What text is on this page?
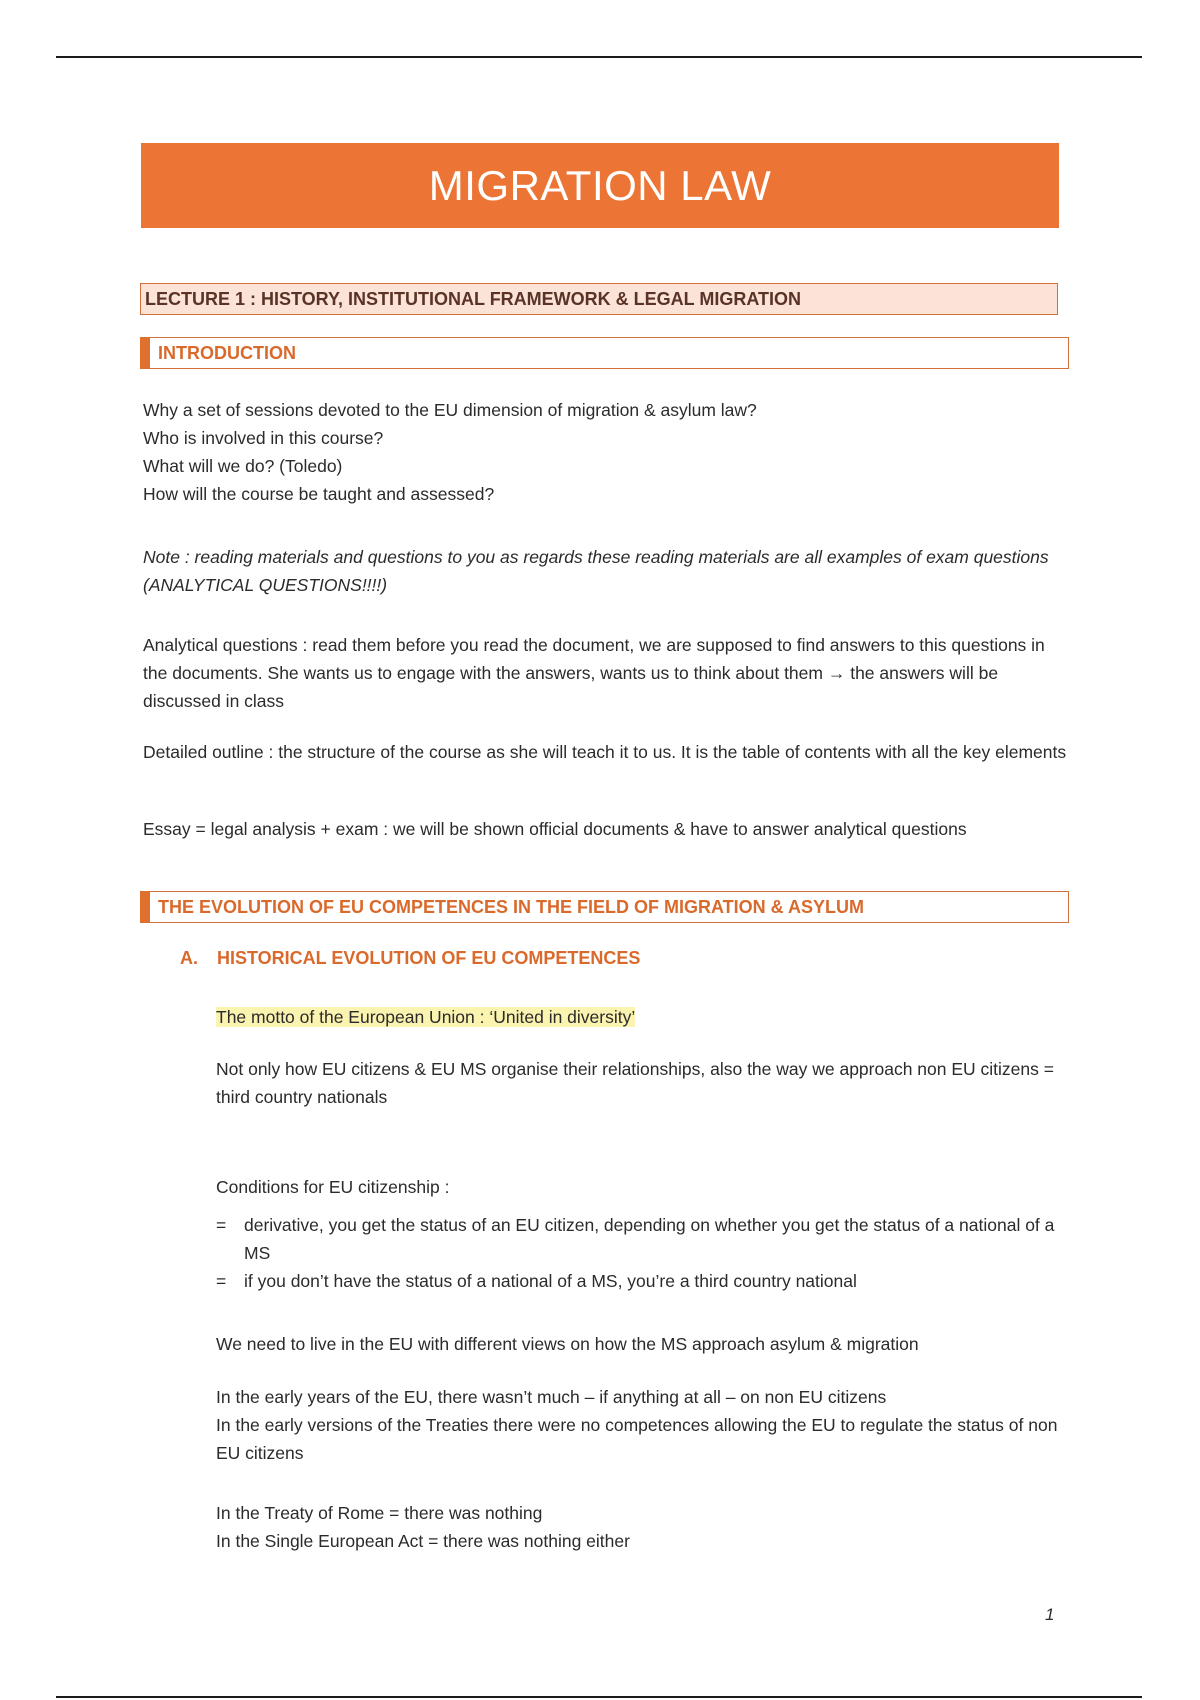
MIGRATION LAW
LECTURE 1 : HISTORY, INSTITUTIONAL FRAMEWORK & LEGAL MIGRATION
INTRODUCTION

Why a set of sessions devoted to the EU dimension of migration & asylum law?

Who is involved in this course?

What will we do? (Toledo)

How will the course be taught and assessed?

Note : reading materials and questions to you as regards these reading materials are all examples of exam questions (ANALYTICAL QUESTIONS!!!!)

Analytical questions : read them before you read the document, we are supposed to find answers to this questions in the documents. She wants us to engage with the answers, wants us to think about them → the answers will be discussed in class

Detailed outline : the structure of the course as she will teach it to us. It is the table of contents with all the key elements

Essay = legal analysis + exam : we will be shown official documents & have to answer analytical questions

THE EVOLUTION OF EU COMPETENCES IN THE FIELD OF MIGRATION & ASYLUM
A. HISTORICAL EVOLUTION OF EU COMPETENCES

The motto of the European Union : ‘United in diversity’

Not only how EU citizens & EU MS organise their relationships, also the way we approach non EU citizens = third country nationals

Conditions for EU citizenship :

= derivative, you get the status of an EU citizen, depending on whether you get the status of a national of a MS
= if you don’t have the status of a national of a MS, you’re a third country national

We need to live in the EU with different views on how the MS approach asylum & migration

In the early years of the EU, there wasn’t much – if anything at all – on non EU citizens

In the early versions of the Treaties there were no competences allowing the EU to regulate the status of non EU citizens

In the Treaty of Rome = there was nothing

In the Single European Act = there was nothing either

1
